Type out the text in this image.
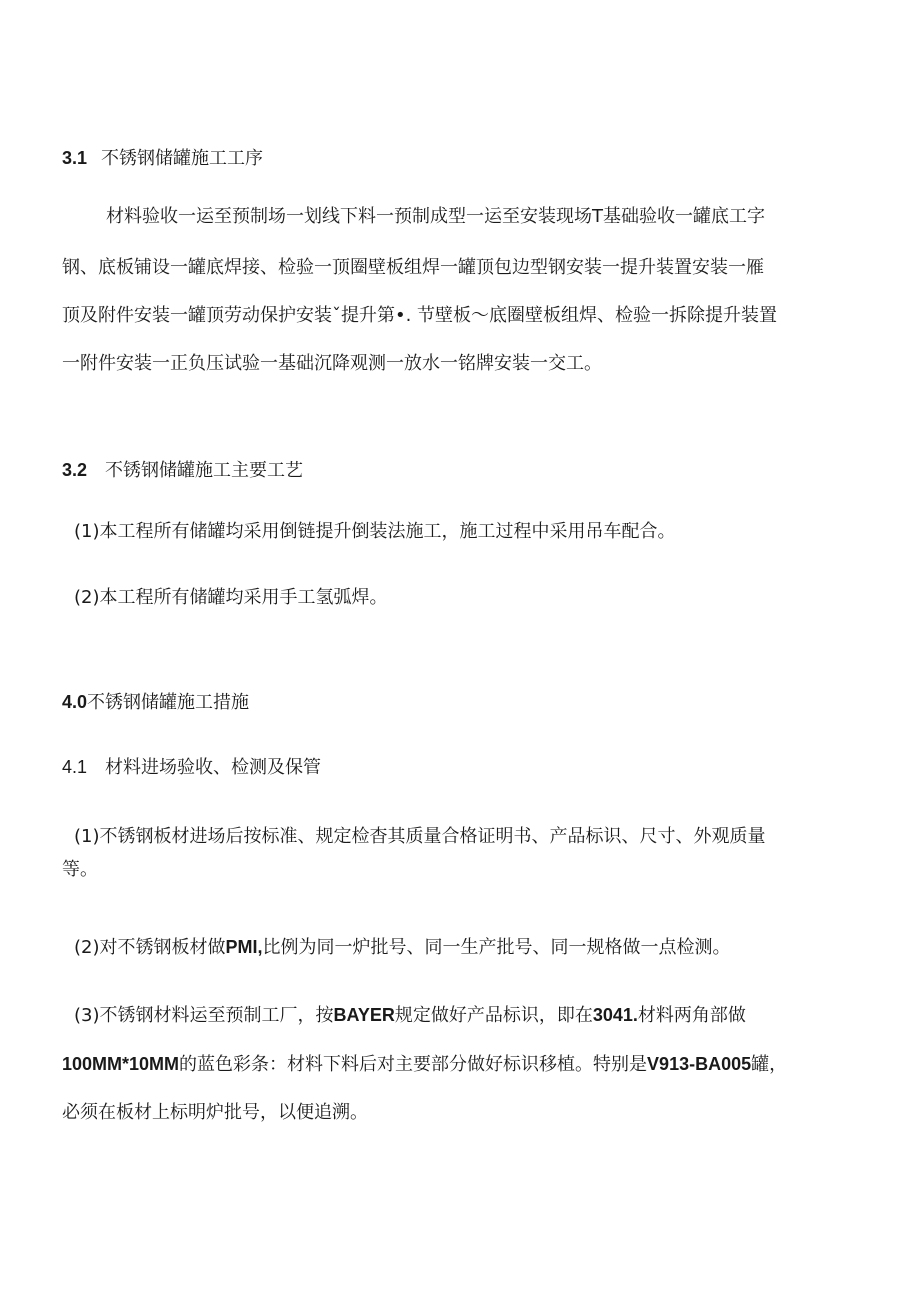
3.1 不锈钢储罐施工工序
材料验收一运至预制场一划线下料一预制成型一运至安装现场T基础验收一罐底工字
钢、底板铺设一罐底焊接、检验一顶圈壁板组焊一罐顶包边型钢安装一提升装置安装一雁
顶及附件安装一罐顶劳动保护安装ˇ提升第•. 节壁板〜底圈壁板组焊、检验一拆除提升装置
一附件安装一正负压试验一基础沉降观测一放水一铭牌安装一交工。
3.2 不锈钢储罐施工主要工艺
(1)本工程所有储罐均采用倒链提升倒装法施工，施工过程中采用吊车配合。
(2)本工程所有储罐均采用手工氢弧焊。
4.0不锈钢储罐施工措施
4.1 材料进场验收、检测及保管
(1)不锈钢板材进场后按标准、规定检杳其质量合格证明书、产品标识、尺寸、外观质量
等。
(2)对不锈钢板材做PMI,比例为同一炉批号、同一生产批号、同一规格做一点检测。
(3)不锈钢材料运至预制工厂，按BAYER规定做好产品标识，即在3041.材料两角部做
100MM*10MM的蓝色彩条：材料下料后对主要部分做好标识移植。特别是V913-BA005罐，
必须在板材上标明炉批号，以便追溯。
